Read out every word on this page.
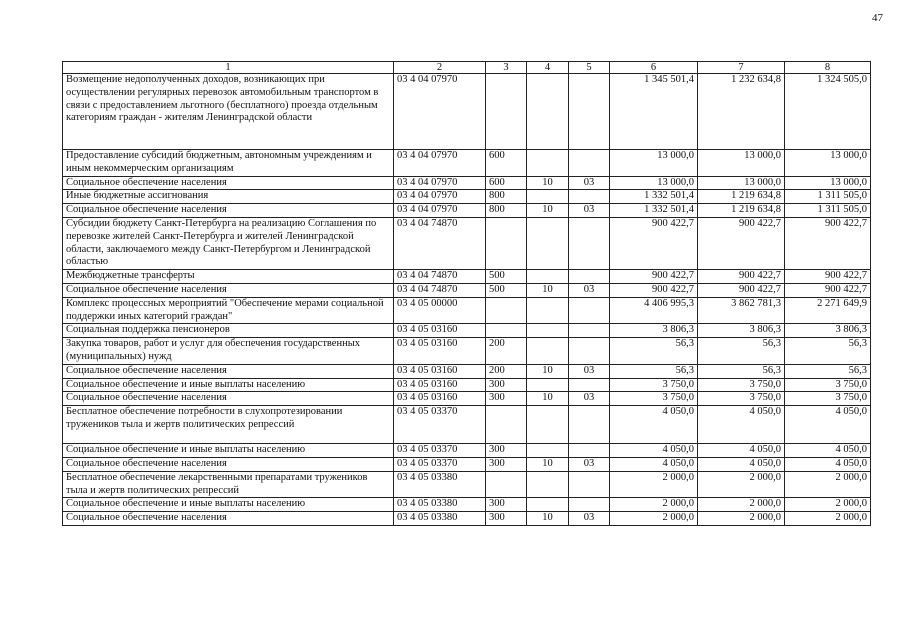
47
1	2	3	4	5	6	7	8
Возмещение недополученных доходов, возникающих при осуществлении регулярных перевозок автомобильным транспортом в связи с предоставлением льготного (бесплатного) проезда отдельным категориям граждан - жителям Ленинградской области	03 4 04 07970				1 345 501,4	1 232 634,8	1 324 505,0
Предоставление субсидий бюджетным, автономным учреждениям и иным некоммерческим организациям	03 4 04 07970	600			13 000,0	13 000,0	13 000,0
Социальное обеспечение населения	03 4 04 07970	600	10	03	13 000,0	13 000,0	13 000,0
Иные бюджетные ассигнования	03 4 04 07970	800			1 332 501,4	1 219 634,8	1 311 505,0
Социальное обеспечение населения	03 4 04 07970	800	10	03	1 332 501,4	1 219 634,8	1 311 505,0
Субсидии бюджету Санкт-Петербурга на реализацию Соглашения по перевозке жителей Санкт-Петербурга и жителей Ленинградской области, заключаемого между Санкт-Петербургом и Ленинградской областью	03 4 04 74870				900 422,7	900 422,7	900 422,7
Межбюджетные трансферты	03 4 04 74870	500			900 422,7	900 422,7	900 422,7
Социальное обеспечение населения	03 4 04 74870	500	10	03	900 422,7	900 422,7	900 422,7
Комплекс процессных мероприятий "Обеспечение мерами социальной поддержки иных категорий граждан"	03 4 05 00000				4 406 995,3	3 862 781,3	2 271 649,9
Социальная поддержка пенсионеров	03 4 05 03160				3 806,3	3 806,3	3 806,3
Закупка товаров, работ и услуг для обеспечения государственных (муниципальных) нужд	03 4 05 03160	200			56,3	56,3	56,3
Социальное обеспечение населения	03 4 05 03160	200	10	03	56,3	56,3	56,3
Социальное обеспечение и иные выплаты населению	03 4 05 03160	300			3 750,0	3 750,0	3 750,0
Социальное обеспечение населения	03 4 05 03160	300	10	03	3 750,0	3 750,0	3 750,0
Бесплатное обеспечение потребности в слухопротезировании тружеников тыла и жертв политических репрессий	03 4 05 03370				4 050,0	4 050,0	4 050,0
Социальное обеспечение и иные выплаты населению	03 4 05 03370	300			4 050,0	4 050,0	4 050,0
Социальное обеспечение населения	03 4 05 03370	300	10	03	4 050,0	4 050,0	4 050,0
Бесплатное обеспечение лекарственными препаратами тружеников тыла и жертв политических репрессий	03 4 05 03380				2 000,0	2 000,0	2 000,0
Социальное обеспечение и иные выплаты населению	03 4 05 03380	300			2 000,0	2 000,0	2 000,0
Социальное обеспечение населения	03 4 05 03380	300	10	03	2 000,0	2 000,0	2 000,0
